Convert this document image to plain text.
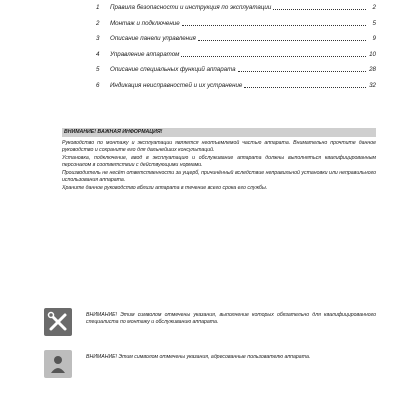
1	Правила безопасности и инструкция по эксплуатации	2
2	Монтаж и подключение	5
3	Описание панели управления	9
4	Управление аппаратом	10
5	Описание специальных функций аппарата	28
6	Индикация неисправностей и их устранение	32
ВНИМАНИЕ! ВАЖНАЯ ИНФОРМАЦИЯ!

Руководство по монтажу и эксплуатации является неотъемлемой частью аппарата. Внимательно прочтите данное руководство и сохраните его для дальнейших консультаций.

Установка, подключение, ввод в эксплуатацию и обслуживание аппарата должны выполняться квалифицированным персоналом в соответствии с действующими нормами.

Производитель не несёт ответственности за ущерб, причинённый вследствие неправильной установки или неправильного использования аппарата.

Храните данное руководство вблизи аппарата в течение всего срока его службы.

ВНИМАНИЕ! Этим символом отмечены указания, выполнение которых обязательно для квалифицированного специалиста по монтажу и обслуживанию аппарата.
ВНИМАНИЕ! Этим символом отмечены указания, адресованные пользователю аппарата.
